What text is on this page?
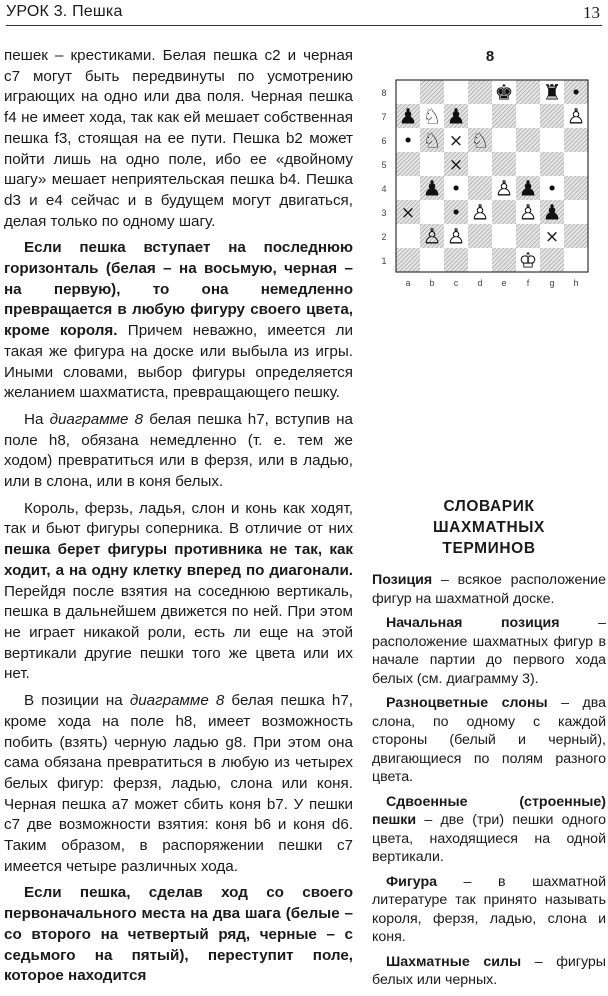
УРОК 3. Пешка	13

пешек – крестиками. Белая пешка c2 и черная c7 могут быть передвинуты по усмотрению играющих на одно или два поля. Черная пешка f4 не имеет хода, так как ей мешает собственная пешка f3, стоящая на ее пути. Пешка b2 может пойти лишь на одно поле, ибо ее «двойному шагу» мешает неприятельская пешка b4. Пешка d3 и e4 сейчас и в будущем могут двигаться, делая только по одному шагу.

Если пешка вступает на последнюю горизонталь (белая – на восьмую, черная – на первую), то она немедленно превращается в любую фигуру своего цвета, кроме короля. Причем неважно, имеется ли такая же фигура на доске или выбыла из игры. Иными словами, выбор фигуры определяется желанием шахматиста, превращающего пешку.

На диаграмме 8 белая пешка h7, вступив на поле h8, обязана немедленно (т. е. тем же ходом) превратиться или в ферзя, или в ладью, или в слона, или в коня белых.

Король, ферзь, ладья, слон и конь как ходят, так и бьют фигуры соперника. В отличие от них пешка берет фигуры противника не так, как ходит, а на одну клетку вперед по диагонали. Перейдя после взятия на соседнюю вертикаль, пешка в дальнейшем движется по ней. При этом не играет никакой роли, есть ли еще на этой вертикали другие пешки того же цвета или их нет.

В позиции на диаграмме 8 белая пешка h7, кроме хода на поле h8, имеет возможность побить (взять) черную ладью g8. При этом она сама обязана превратиться в любую из четырех белых фигур: ферзя, ладью, слона или коня. Черная пешка a7 может сбить коня b7. У пешки c7 две возможности взятия: коня b6 и коня d6. Таким образом, в распоряжении пешки c7 имеется четыре различных хода.

Если пешка, сделав ход со своего первоначального места на два шага (белые – со второго на четвертый ряд, черные – с седьмого на пятый), переступит поле, которое находится

8
8
7
6
5
4
3
2
1
a b c d e f g h
♚ ♜ •
♟ ♘ ♟	♙
• ♘ × ♘
×
♟ • ♙ ♟ •
× • ♙ ♙ ♟
♙ ♙	×
♔
СЛОВАРИК
ШАХМАТНЫХ
ТЕРМИНОВ

Позиция – всякое расположение фигур на шахматной доске.

Начальная позиция – расположение шахматных фигур в начале партии до первого хода белых (см. диаграмму 3).

Разноцветные слоны – два слона, по одному с каждой стороны (белый и черный), двигающиеся по полям разного цвета.

Сдвоенные (строенные) пешки – две (три) пешки одного цвета, находящиеся на одной вертикали.

Фигура – в шахматной литературе так принято называть короля, ферзя, ладью, слона и коня.

Шахматные силы – фигуры белых или черных.
